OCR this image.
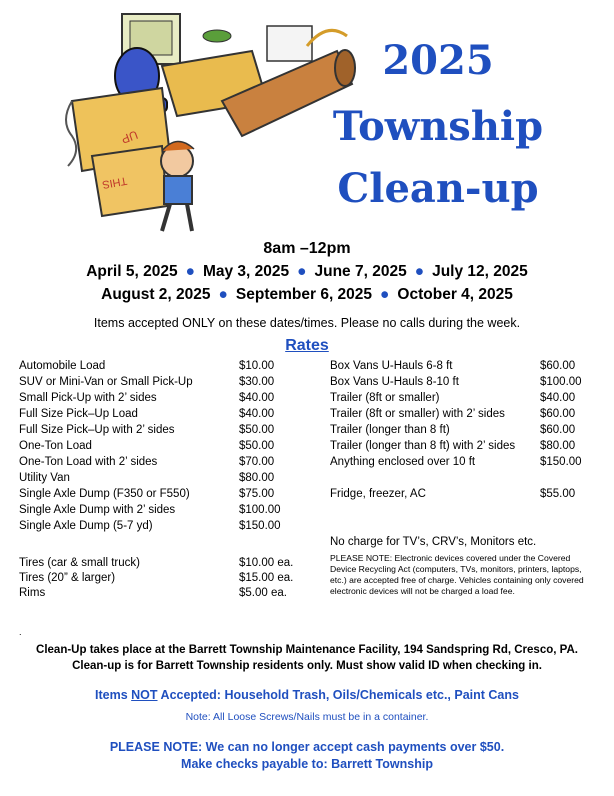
THIS
UP
2025
Township
Clean-up
8am –12pm
April 5, 2025 ● May 3, 2025 ● June 7, 2025 ● July 12, 2025
August 2, 2025 ● September 6, 2025 ● October 4, 2025
Items accepted ONLY on these dates/times. Please no calls during the week.
Rates
Automobile Load	$10.00
SUV or Mini-Van or Small Pick-Up	$30.00
Small Pick-Up with 2’ sides	$40.00
Full Size Pick–Up Load	$40.00
Full Size Pick–Up with 2’ sides	$50.00
One-Ton Load	$50.00
One-Ton Load with 2’ sides	$70.00
Utility Van	$80.00
Single Axle Dump (F350 or F550)	$75.00
Single Axle Dump with 2’ sides	$100.00
Single Axle Dump (5-7 yd)	$150.00
Box Vans U-Hauls 6-8 ft	$60.00
Box Vans U-Hauls 8-10 ft	$100.00
Trailer (8ft or smaller)	$40.00
Trailer (8ft or smaller) with 2’ sides	$60.00
Trailer (longer than 8 ft)	$60.00
Trailer (longer than 8 ft) with 2’ sides $80.00
Anything enclosed over 10 ft	$150.00
Fridge, freezer, AC	$55.00
Tires (car & small truck)	$10.00 ea.
Tires (20” & larger)	$15.00 ea.
Rims	$5.00 ea.
No charge for TV’s, CRV’s, Monitors etc.
PLEASE NOTE: Electronic devices covered under the Covered Device Recycling Act (computers, TVs, monitors, printers, laptops, etc.) are accepted free of charge. Vehicles containing only covered electronic devices will not be charged a load fee.
.
Clean-Up takes place at the Barrett Township Maintenance Facility, 194 Sandspring Rd, Cresco, PA.
Clean-up is for Barrett Township residents only. Must show valid ID when checking in.
Items NOT Accepted: Household Trash, Oils/Chemicals etc., Paint Cans
Note: All Loose Screws/Nails must be in a container.
PLEASE NOTE: We can no longer accept cash payments over $50.
Make checks payable to: Barrett Township
